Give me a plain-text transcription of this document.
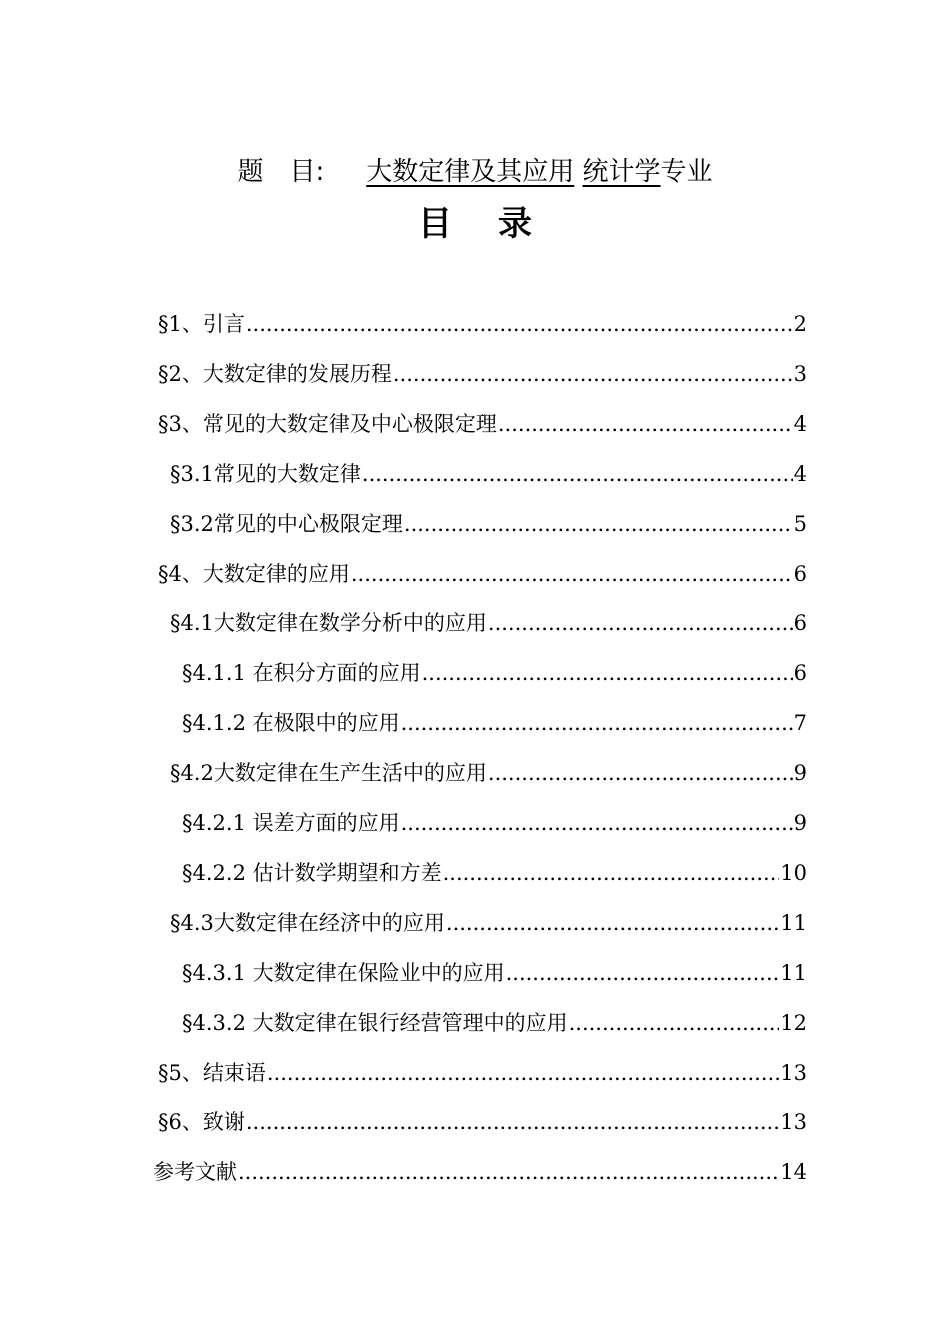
题 目: 大数定律及其应用 统计学专业
目 录
§1、引言 .....	2
§2、大数定律的发展历程 .....	3
§3、常见的大数定律及中心极限定理 .....	4
§3.1常见的大数定律 .....	4
§3.2常见的中心极限定理 .....	5
§4、大数定律的应用 .....	6
§4.1大数定律在数学分析中的应用 .....	6
§4.1.1 在积分方面的应用 .....	6
§4.1.2 在极限中的应用 .....	7
§4.2大数定律在生产生活中的应用 .....	9
§4.2.1 误差方面的应用 .....	9
§4.2.2 估计数学期望和方差 .....	10
§4.3大数定律在经济中的应用 .....	11
§4.3.1 大数定律在保险业中的应用 .....	11
§4.3.2 大数定律在银行经营管理中的应用 .....	12
§5、结束语 .....	13
§6、致谢 .....	13
参考文献 .....	14
